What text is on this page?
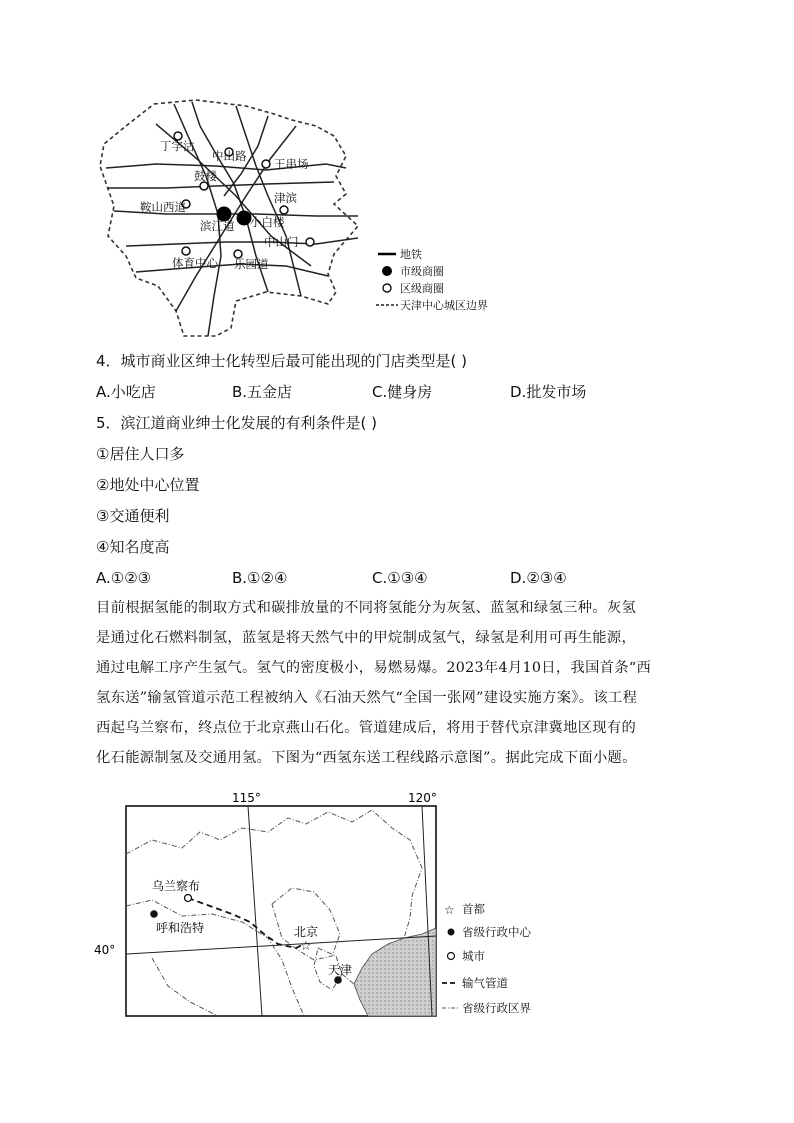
丁字沽
中山路
王串场
鼓楼
鞍山西道
津滨
滨江道 小白楼
中山门
体育中心 乐园道
地铁
市级商圈
区级商圈
天津中心城区边界
4．城市商业区绅士化转型后最可能出现的门店类型是( )
A.小吃店	B.五金店	C.健身房	D.批发市场
5．滨江道商业绅士化发展的有利条件是( )
①居住人口多
②地处中心位置
③交通便利
④知名度高
A.①②③	B.①②④	C.①③④	D.②③④
目前根据氢能的制取方式和碳排放量的不同将氢能分为灰氢、蓝氢和绿氢三种。灰氢
是通过化石燃料制氢，蓝氢是将天然气中的甲烷制成氢气，绿氢是利用可再生能源，
通过电解工序产生氢气。氢气的密度极小，易燃易爆。2023年4月10日，我国首条“西
氢东送”输氢管道示范工程被纳入《石油天然气“全国一张网”建设实施方案》。该工程
西起乌兰察布，终点位于北京燕山石化。管道建成后，将用于替代京津冀地区现有的
化石能源制氢及交通用氢。下图为“西氢东送工程线路示意图”。据此完成下面小题。
115°	120°
40°
乌兰察布
呼和浩特
☆
北京
天津
☆ 首都
省级行政中心
城市
输气管道
省级行政区界
